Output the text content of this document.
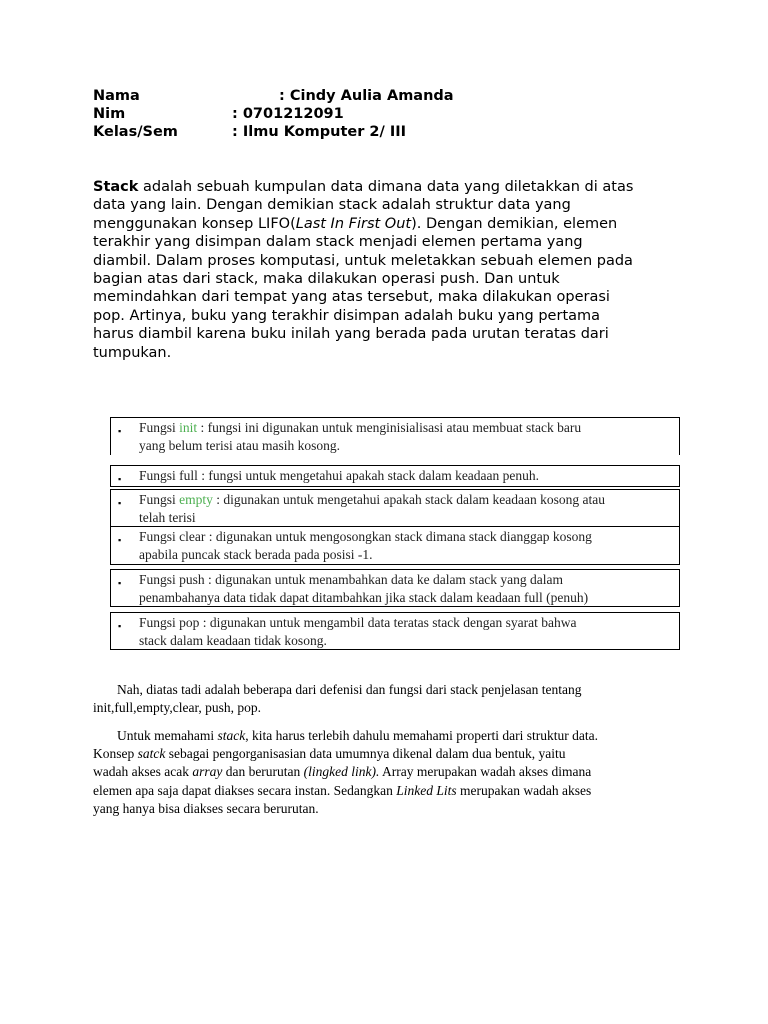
Nama	: Cindy Aulia Amanda
Nim	: 0701212091
Kelas/Sem	: Ilmu Komputer 2/ III
Stack adalah sebuah kumpulan data dimana data yang diletakkan di atas
data yang lain. Dengan demikian stack adalah struktur data yang
menggunakan konsep LIFO(Last In First Out). Dengan demikian, elemen
terakhir yang disimpan dalam stack menjadi elemen pertama yang
diambil. Dalam proses komputasi, untuk meletakkan sebuah elemen pada
bagian atas dari stack, maka dilakukan operasi push. Dan untuk
memindahkan dari tempat yang atas tersebut, maka dilakukan operasi
pop. Artinya, buku yang terakhir disimpan adalah buku yang pertama
harus diambil karena buku inilah yang berada pada urutan teratas dari
tumpukan.
▪ Fungsi init : fungsi ini digunakan untuk menginisialisasi atau membuat stack baru
yang belum terisi atau masih kosong.
▪ Fungsi full : fungsi untuk mengetahui apakah stack dalam keadaan penuh.
▪ Fungsi empty : digunakan untuk mengetahui apakah stack dalam keadaan kosong atau
telah terisi
▪ Fungsi clear : digunakan untuk mengosongkan stack dimana stack dianggap kosong
apabila puncak stack berada pada posisi -1.
▪ Fungsi push : digunakan untuk menambahkan data ke dalam stack yang dalam
penambahanya data tidak dapat ditambahkan jika stack dalam keadaan full (penuh)
▪ Fungsi pop : digunakan untuk mengambil data teratas stack dengan syarat bahwa
stack dalam keadaan tidak kosong.
Nah, diatas tadi adalah beberapa dari defenisi dan fungsi dari stack penjelasan tentang
init,full,empty,clear, push, pop.
Untuk memahami stack, kita harus terlebih dahulu memahami properti dari struktur data.
Konsep satck sebagai pengorganisasian data umumnya dikenal dalam dua bentuk, yaitu
wadah akses acak array dan berurutan (lingked link). Array merupakan wadah akses dimana
elemen apa saja dapat diakses secara instan. Sedangkan Linked Lits merupakan wadah akses
yang hanya bisa diakses secara berurutan.
